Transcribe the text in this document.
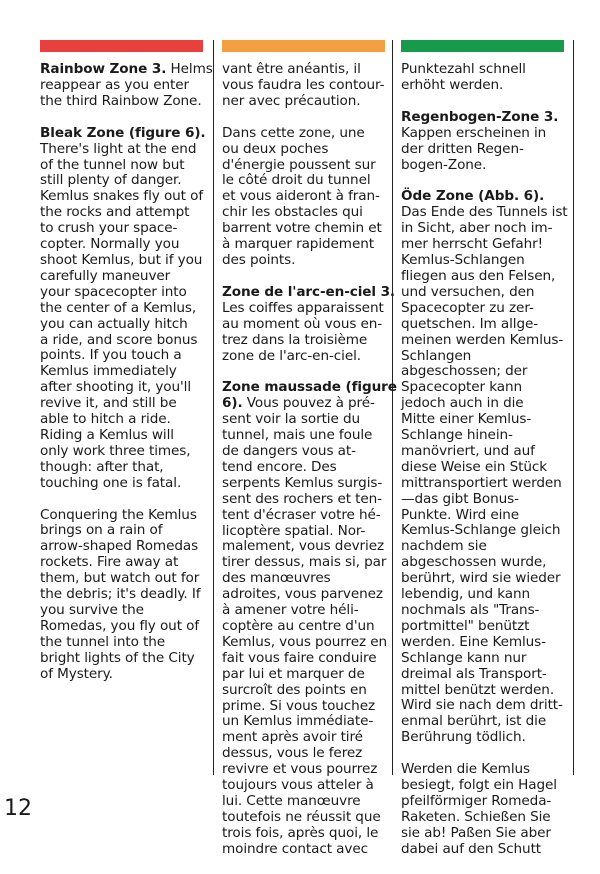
Rainbow Zone 3. Helms
reappear as you enter
the third Rainbow Zone.

Bleak Zone (figure 6).
There's light at the end
of the tunnel now but
still plenty of danger.
Kemlus snakes fly out of
the rocks and attempt
to crush your space-
copter. Normally you
shoot Kemlus, but if you
carefully maneuver
your spacecopter into
the center of a Kemlus,
you can actually hitch
a ride, and score bonus
points. If you touch a
Kemlus immediately
after shooting it, you'll
revive it, and still be
able to hitch a ride.
Riding a Kemlus will
only work three times,
though: after that,
touching one is fatal.

Conquering the Kemlus
brings on a rain of
arrow-shaped Romedas
rockets. Fire away at
them, but watch out for
the debris; it's deadly. If
you survive the
Romedas, you fly out of
the tunnel into the
bright lights of the City
of Mystery.

vant être anéantis, il
vous faudra les contour-
ner avec précaution.

Dans cette zone, une
ou deux poches
d'énergie poussent sur
le côté droit du tunnel
et vous aideront à fran-
chir les obstacles qui
barrent votre chemin et
à marquer rapidement
des points.

Zone de l'arc-en-ciel 3.
Les coiffes apparaissent
au moment où vous en-
trez dans la troisième
zone de l'arc-en-ciel.

Zone maussade (figure
6). Vous pouvez à pré-
sent voir la sortie du
tunnel, mais une foule
de dangers vous at-
tend encore. Des
serpents Kemlus surgis-
sent des rochers et ten-
tent d'écraser votre hé-
licoptère spatial. Nor-
malement, vous devriez
tirer dessus, mais si, par
des manœuvres
adroites, vous parvenez
à amener votre héli-
coptère au centre d'un
Kemlus, vous pourrez en
fait vous faire conduire
par lui et marquer de
surcroît des points en
prime. Si vous touchez
un Kemlus immédiate-
ment après avoir tiré
dessus, vous le ferez
revivre et vous pourrez
toujours vous atteler à
lui. Cette manœuvre
toutefois ne réussit que
trois fois, après quoi, le
moindre contact avec

Punktezahl schnell
erhöht werden.

Regenbogen-Zone 3.
Kappen erscheinen in
der dritten Regen-
bogen-Zone.

Öde Zone (Abb. 6).
Das Ende des Tunnels ist
in Sicht, aber noch im-
mer herrscht Gefahr!
Kemlus-Schlangen
fliegen aus den Felsen,
und versuchen, den
Spacecopter zu zer-
quetschen. Im allge-
meinen werden Kemlus-
Schlangen
abgeschossen; der
Spacecopter kann
jedoch auch in die
Mitte einer Kemlus-
Schlange hinein-
manövriert, und auf
diese Weise ein Stück
mittransportiert werden
—das gibt Bonus-
Punkte. Wird eine
Kemlus-Schlange gleich
nachdem sie
abgeschossen wurde,
berührt, wird sie wieder
lebendig, und kann
nochmals als "Trans-
portmittel" benützt
werden. Eine Kemlus-
Schlange kann nur
dreimal als Transport-
mittel benützt werden.
Wird sie nach dem dritt-
enmal berührt, ist die
Berührung tödlich.

Werden die Kemlus
besiegt, folgt ein Hagel
pfeilförmiger Romeda-
Raketen. Schießen Sie
sie ab! Paßen Sie aber
dabei auf den Schutt

12
